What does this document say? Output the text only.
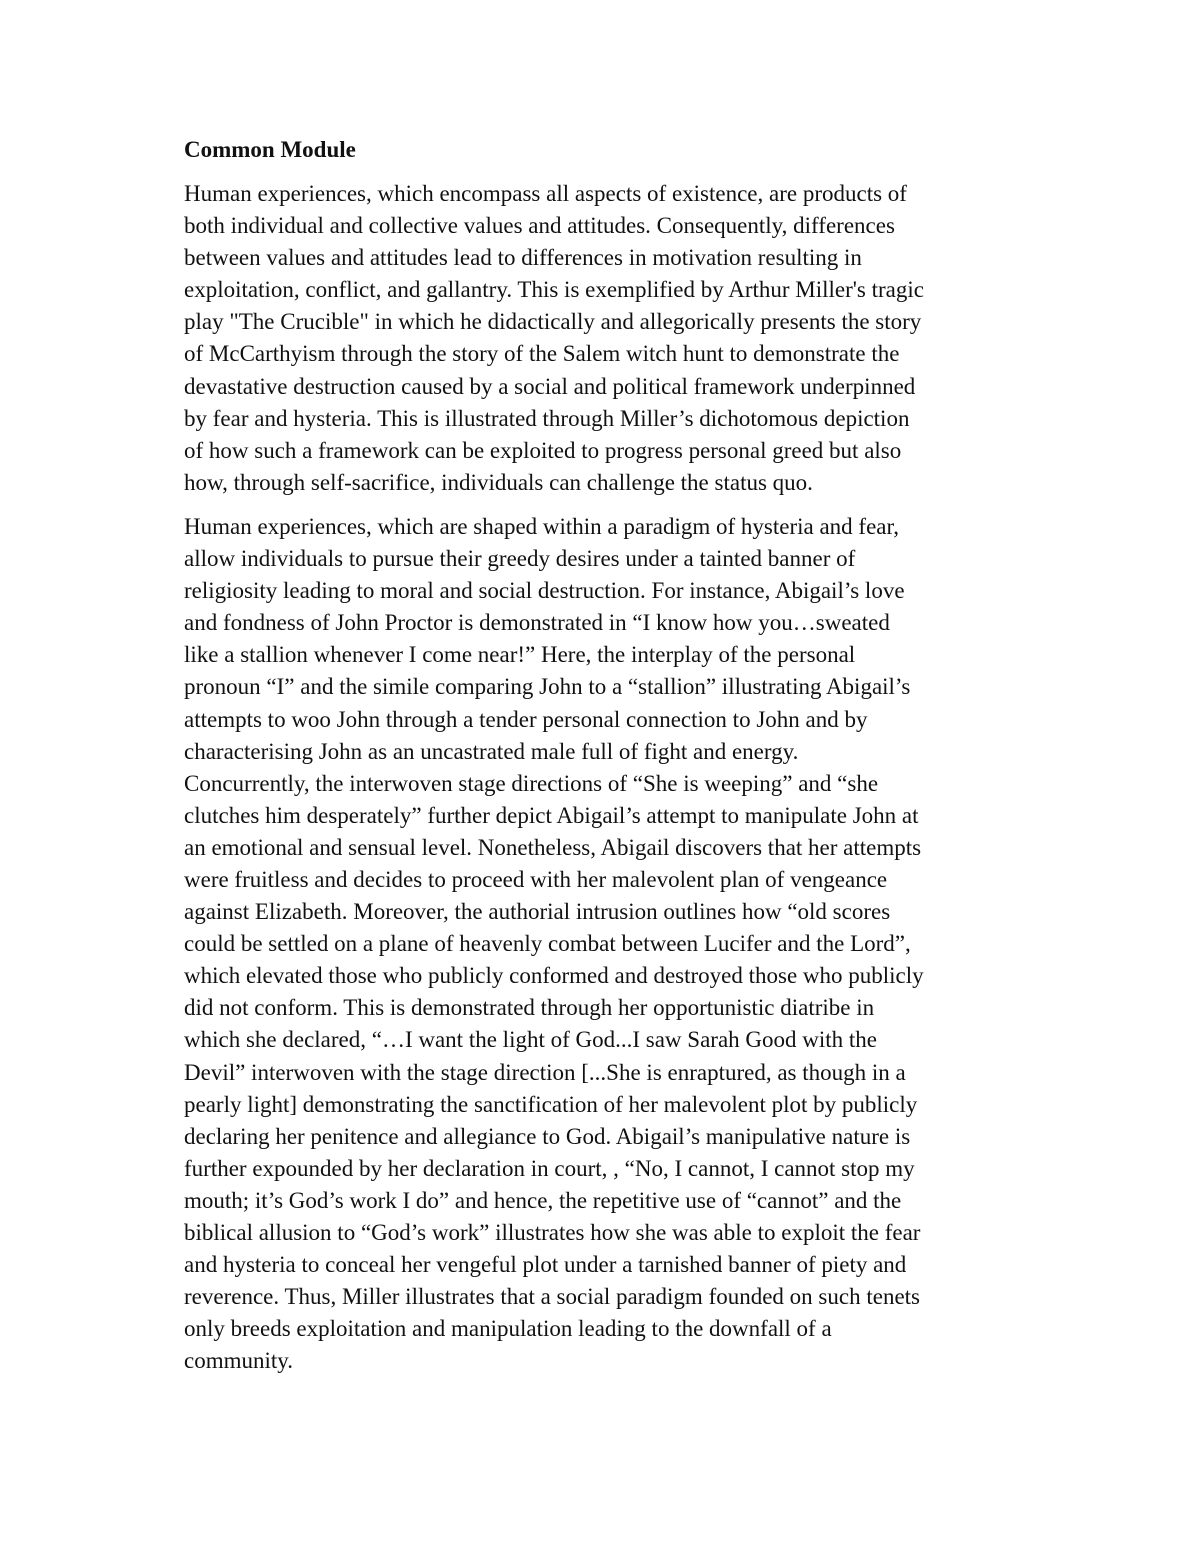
Common Module
Human experiences, which encompass all aspects of existence, are products of
both individual and collective values and attitudes. Consequently, differences
between values and attitudes lead to differences in motivation resulting in
exploitation, conflict, and gallantry. This is exemplified by Arthur Miller's tragic
play "The Crucible" in which he didactically and allegorically presents the story
of McCarthyism through the story of the Salem witch hunt to demonstrate the
devastative destruction caused by a social and political framework underpinned
by fear and hysteria. This is illustrated through Miller’s dichotomous depiction
of how such a framework can be exploited to progress personal greed but also
how, through self-sacrifice, individuals can challenge the status quo.
Human experiences, which are shaped within a paradigm of hysteria and fear,
allow individuals to pursue their greedy desires under a tainted banner of
religiosity leading to moral and social destruction. For instance, Abigail’s love
and fondness of John Proctor is demonstrated in “I know how you…sweated
like a stallion whenever I come near!” Here, the interplay of the personal
pronoun “I” and the simile comparing John to a “stallion” illustrating Abigail’s
attempts to woo John through a tender personal connection to John and by
characterising John as an uncastrated male full of fight and energy.
Concurrently, the interwoven stage directions of “She is weeping” and “she
clutches him desperately” further depict Abigail’s attempt to manipulate John at
an emotional and sensual level. Nonetheless, Abigail discovers that her attempts
were fruitless and decides to proceed with her malevolent plan of vengeance
against Elizabeth. Moreover, the authorial intrusion outlines how “old scores
could be settled on a plane of heavenly combat between Lucifer and the Lord”,
which elevated those who publicly conformed and destroyed those who publicly
did not conform. This is demonstrated through her opportunistic diatribe in
which she declared, “…I want the light of God...I saw Sarah Good with the
Devil” interwoven with the stage direction [...She is enraptured, as though in a
pearly light] demonstrating the sanctification of her malevolent plot by publicly
declaring her penitence and allegiance to God. Abigail’s manipulative nature is
further expounded by her declaration in court, , “No, I cannot, I cannot stop my
mouth; it’s God’s work I do” and hence, the repetitive use of “cannot” and the
biblical allusion to “God’s work” illustrates how she was able to exploit the fear
and hysteria to conceal her vengeful plot under a tarnished banner of piety and
reverence. Thus, Miller illustrates that a social paradigm founded on such tenets
only breeds exploitation and manipulation leading to the downfall of a
community.
